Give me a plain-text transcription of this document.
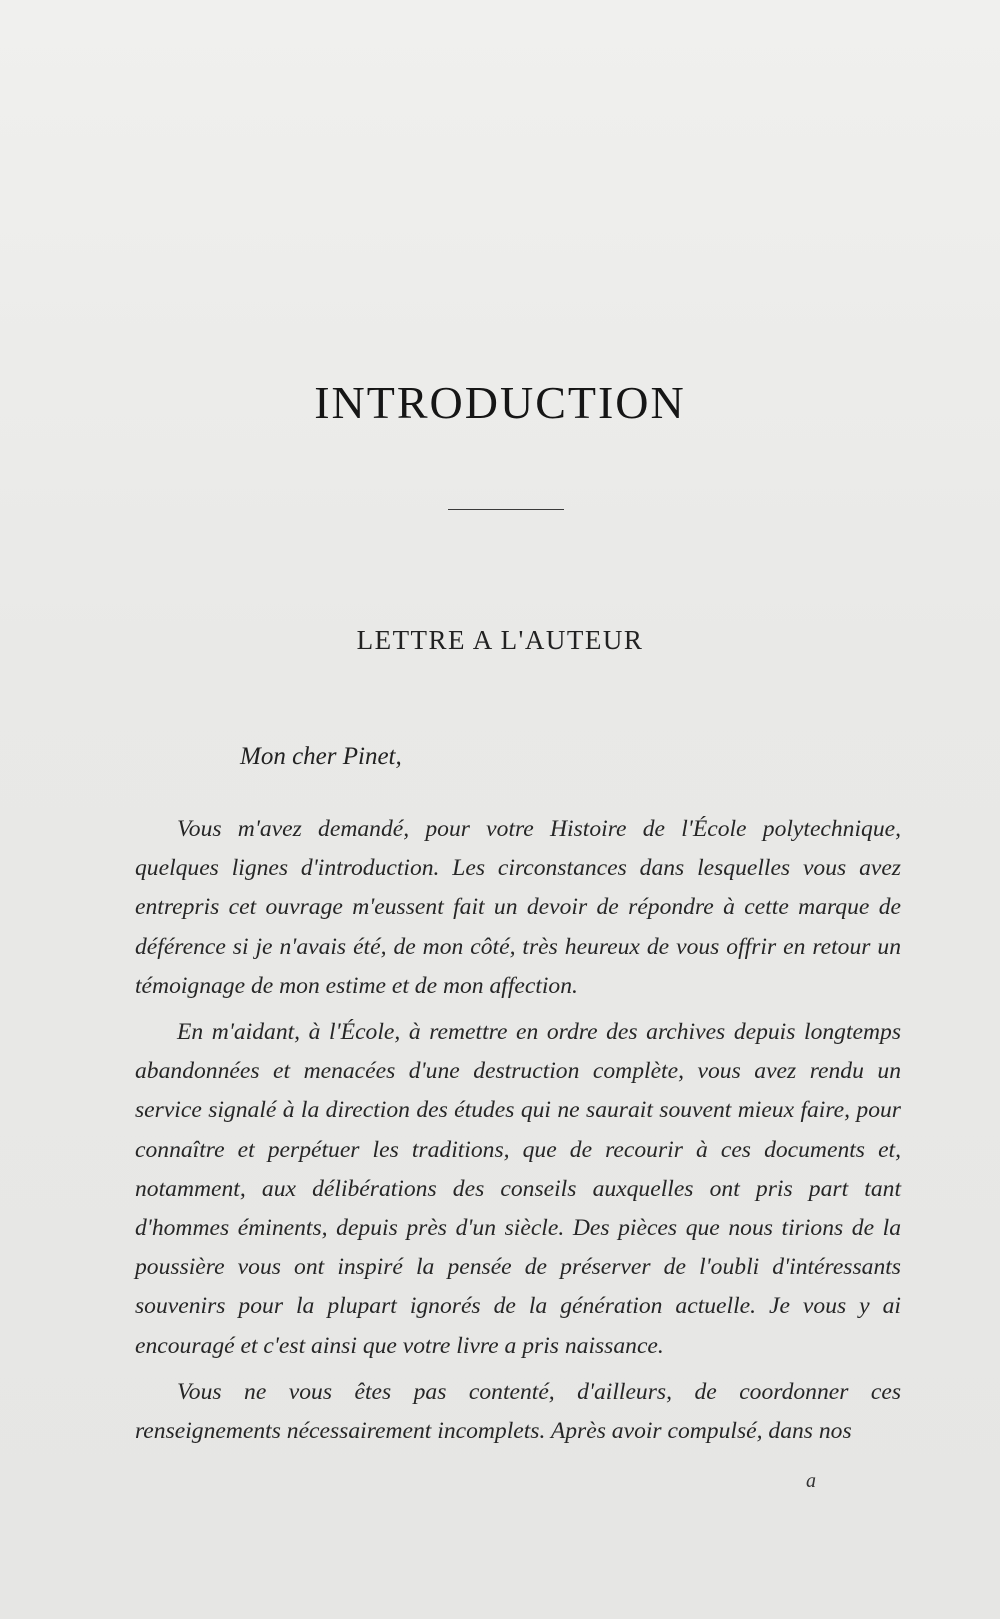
INTRODUCTION
LETTRE A L'AUTEUR

Mon cher Pinet,

Vous m'avez demandé, pour votre Histoire de l'École polytechnique, quelques lignes d'introduction. Les circonstances dans lesquelles vous avez entrepris cet ouvrage m'eussent fait un devoir de répondre à cette marque de déférence si je n'avais été, de mon côté, très heureux de vous offrir en retour un témoignage de mon estime et de mon affection.

En m'aidant, à l'École, à remettre en ordre des archives depuis longtemps abandonnées et menacées d'une destruction complète, vous avez rendu un service signalé à la direction des études qui ne saurait souvent mieux faire, pour connaître et perpétuer les traditions, que de recourir à ces documents et, notamment, aux délibérations des conseils auxquelles ont pris part tant d'hommes éminents, depuis près d'un siècle. Des pièces que nous tirions de la poussière vous ont inspiré la pensée de préserver de l'oubli d'intéressants souvenirs pour la plupart ignorés de la génération actuelle. Je vous y ai encouragé et c'est ainsi que votre livre a pris naissance.

Vous ne vous êtes pas contenté, d'ailleurs, de coordonner ces renseignements nécessairement incomplets. Après avoir compulsé, dans nos

a
